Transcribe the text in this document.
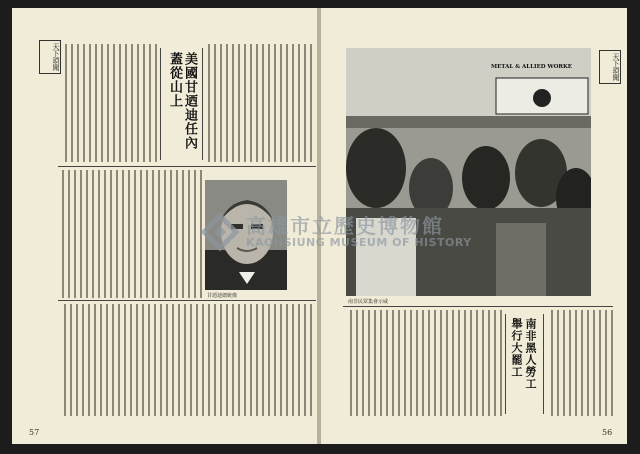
天下瑣聞	美國甘迺迪任內
蓋從山上
甘迺迪總統像
57
METAL & ALLIED WORKE	天下瑣聞
南非民眾集會示威
南非黑人勞工
舉行大罷工
56
高雄市立歷史博物館
KAOHSIUNG MUSEUM OF HISTORY
